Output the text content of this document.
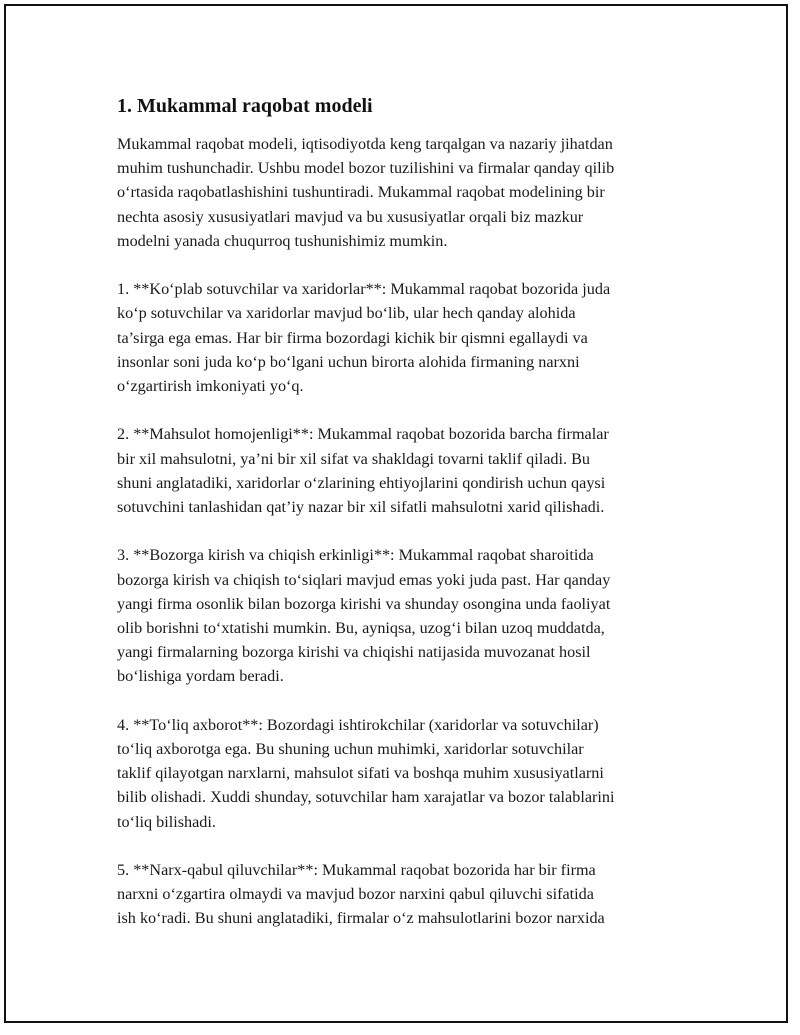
1. Mukammal raqobat modeli

Mukammal raqobat modeli, iqtisodiyotda keng tarqalgan va nazariy jihatdan
muhim tushunchadir. Ushbu model bozor tuzilishini va firmalar qanday qilib
o‘rtasida raqobatlashishini tushuntiradi. Mukammal raqobat modelining bir
nechta asosiy xususiyatlari mavjud va bu xususiyatlar orqali biz mazkur
modelni yanada chuqurroq tushunishimiz mumkin.

1. **Ko‘plab sotuvchilar va xaridorlar**: Mukammal raqobat bozorida juda
ko‘p sotuvchilar va xaridorlar mavjud bo‘lib, ular hech qanday alohida
ta’sirga ega emas. Har bir firma bozordagi kichik bir qismni egallaydi va
insonlar soni juda ko‘p bo‘lgani uchun birorta alohida firmaning narxni
o‘zgartirish imkoniyati yo‘q.

2. **Mahsulot homojenligi**: Mukammal raqobat bozorida barcha firmalar
bir xil mahsulotni, ya’ni bir xil sifat va shakldagi tovarni taklif qiladi. Bu
shuni anglatadiki, xaridorlar o‘zlarining ehtiyojlarini qondirish uchun qaysi
sotuvchini tanlashidan qat’iy nazar bir xil sifatli mahsulotni xarid qilishadi.

3. **Bozorga kirish va chiqish erkinligi**: Mukammal raqobat sharoitida
bozorga kirish va chiqish to‘siqlari mavjud emas yoki juda past. Har qanday
yangi firma osonlik bilan bozorga kirishi va shunday osongina unda faoliyat
olib borishni to‘xtatishi mumkin. Bu, ayniqsa, uzog‘i bilan uzoq muddatda,
yangi firmalarning bozorga kirishi va chiqishi natijasida muvozanat hosil
bo‘lishiga yordam beradi.

4. **To‘liq axborot**: Bozordagi ishtirokchilar (xaridorlar va sotuvchilar)
to‘liq axborotga ega. Bu shuning uchun muhimki, xaridorlar sotuvchilar
taklif qilayotgan narxlarni, mahsulot sifati va boshqa muhim xususiyatlarni
bilib olishadi. Xuddi shunday, sotuvchilar ham xarajatlar va bozor talablarini
to‘liq bilishadi.

5. **Narx-qabul qiluvchilar**: Mukammal raqobat bozorida har bir firma
narxni o‘zgartira olmaydi va mavjud bozor narxini qabul qiluvchi sifatida
ish ko‘radi. Bu shuni anglatadiki, firmalar o‘z mahsulotlarini bozor narxida
